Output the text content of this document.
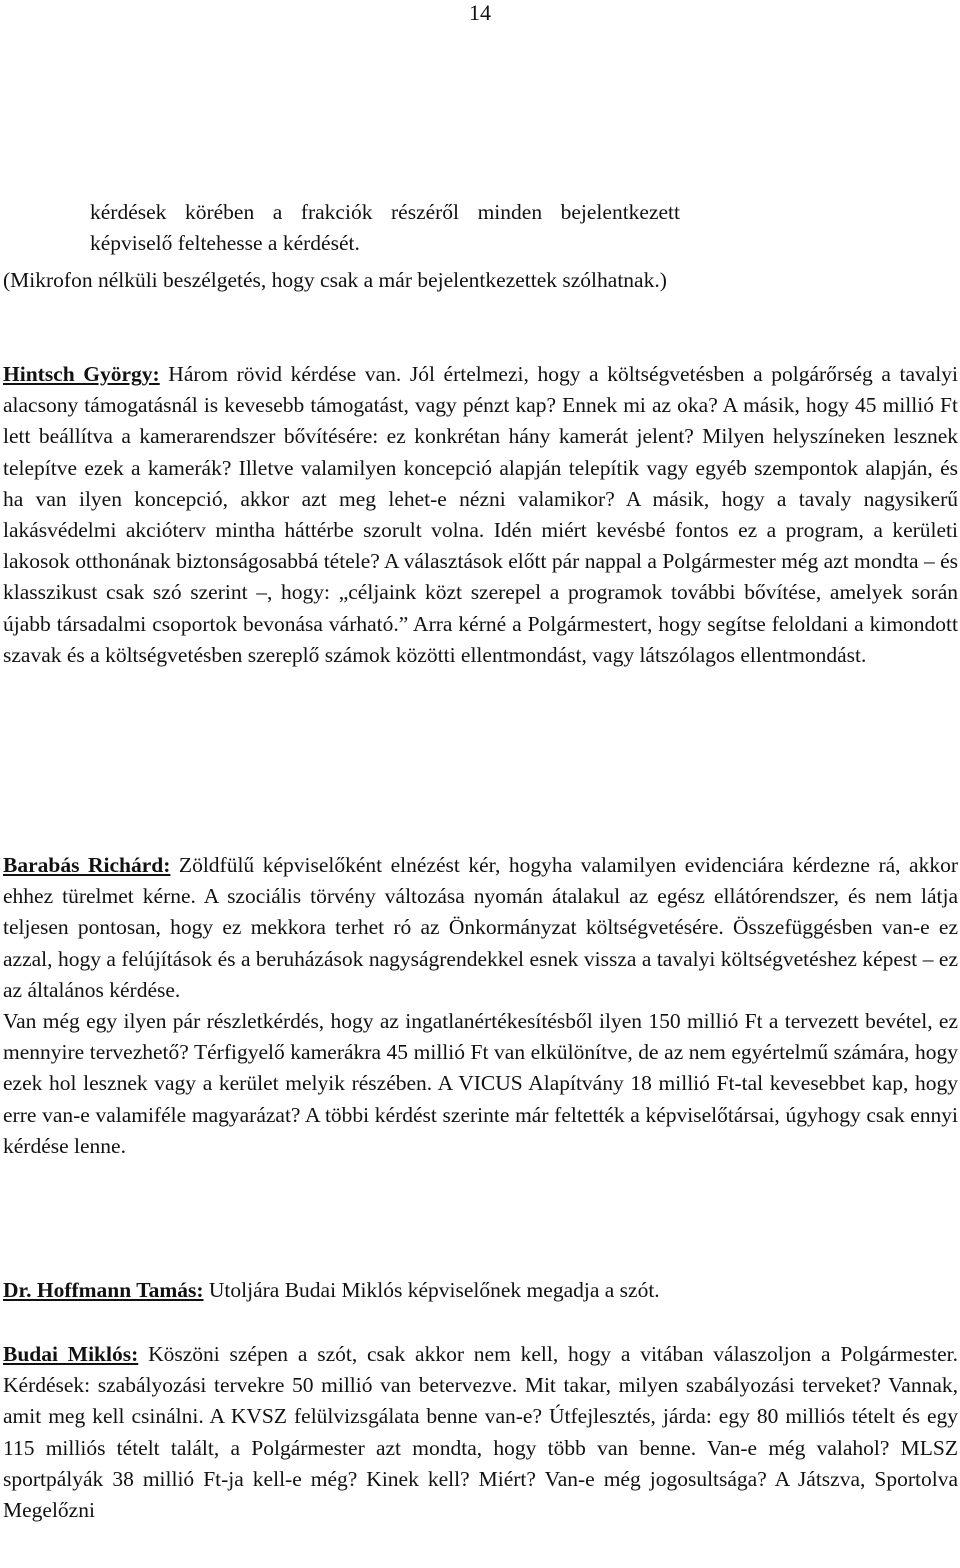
14

kérdések körében a frakciók részéről minden bejelentkezett képviselő feltehesse a kérdését.

(Mikrofon nélküli beszélgetés, hogy csak a már bejelentkezettek szólhatnak.)

Hintsch György: Három rövid kérdése van. Jól értelmezi, hogy a költségvetésben a polgárőrség a tavalyi alacsony támogatásnál is kevesebb támogatást, vagy pénzt kap? Ennek mi az oka? A másik, hogy 45 millió Ft lett beállítva a kamerarendszer bővítésére: ez konkrétan hány kamerát jelent? Milyen helyszíneken lesznek telepítve ezek a kamerák? Illetve valamilyen koncepció alapján telepítik vagy egyéb szempontok alapján, és ha van ilyen koncepció, akkor azt meg lehet-e nézni valamikor? A másik, hogy a tavaly nagysikerű lakásvédelmi akcióterv mintha háttérbe szorult volna. Idén miért kevésbé fontos ez a program, a kerületi lakosok otthonának biztonságosabbá tétele? A választások előtt pár nappal a Polgármester még azt mondta – és klasszikust csak szó szerint –, hogy: „céljaink közt szerepel a programok további bővítése, amelyek során újabb társadalmi csoportok bevonása várható.” Arra kérné a Polgármestert, hogy segítse feloldani a kimondott szavak és a költségvetésben szereplő számok közötti ellentmondást, vagy látszólagos ellentmondást.

Barabás Richárd: Zöldfülű képviselőként elnézést kér, hogyha valamilyen evidenciára kérdezne rá, akkor ehhez türelmet kérne. A szociális törvény változása nyomán átalakul az egész ellátórendszer, és nem látja teljesen pontosan, hogy ez mekkora terhet ró az Önkormányzat költségvetésére. Összefüggésben van-e ez azzal, hogy a felújítások és a beruházások nagyságrendekkel esnek vissza a tavalyi költségvetéshez képest – ez az általános kérdése.

Van még egy ilyen pár részletkérdés, hogy az ingatlanértékesítésből ilyen 150 millió Ft a tervezett bevétel, ez mennyire tervezhető? Térfigyelő kamerákra 45 millió Ft van elkülönítve, de az nem egyértelmű számára, hogy ezek hol lesznek vagy a kerület melyik részében. A VICUS Alapítvány 18 millió Ft-tal kevesebbet kap, hogy erre van-e valamiféle magyarázat? A többi kérdést szerinte már feltették a képviselőtársai, úgyhogy csak ennyi kérdése lenne.

Dr. Hoffmann Tamás: Utoljára Budai Miklós képviselőnek megadja a szót.

Budai Miklós: Köszöni szépen a szót, csak akkor nem kell, hogy a vitában válaszoljon a Polgármester. Kérdések: szabályozási tervekre 50 millió van betervezve. Mit takar, milyen szabályozási terveket? Vannak, amit meg kell csinálni. A KVSZ felülvizsgálata benne van-e? Útfejlesztés, járda: egy 80 milliós tételt és egy 115 milliós tételt talált, a Polgármester azt mondta, hogy több van benne. Van-e még valahol? MLSZ sportpályák 38 millió Ft-ja kell-e még? Kinek kell? Miért? Van-e még jogosultsága? A Játszva, Sportolva Megelőzni
